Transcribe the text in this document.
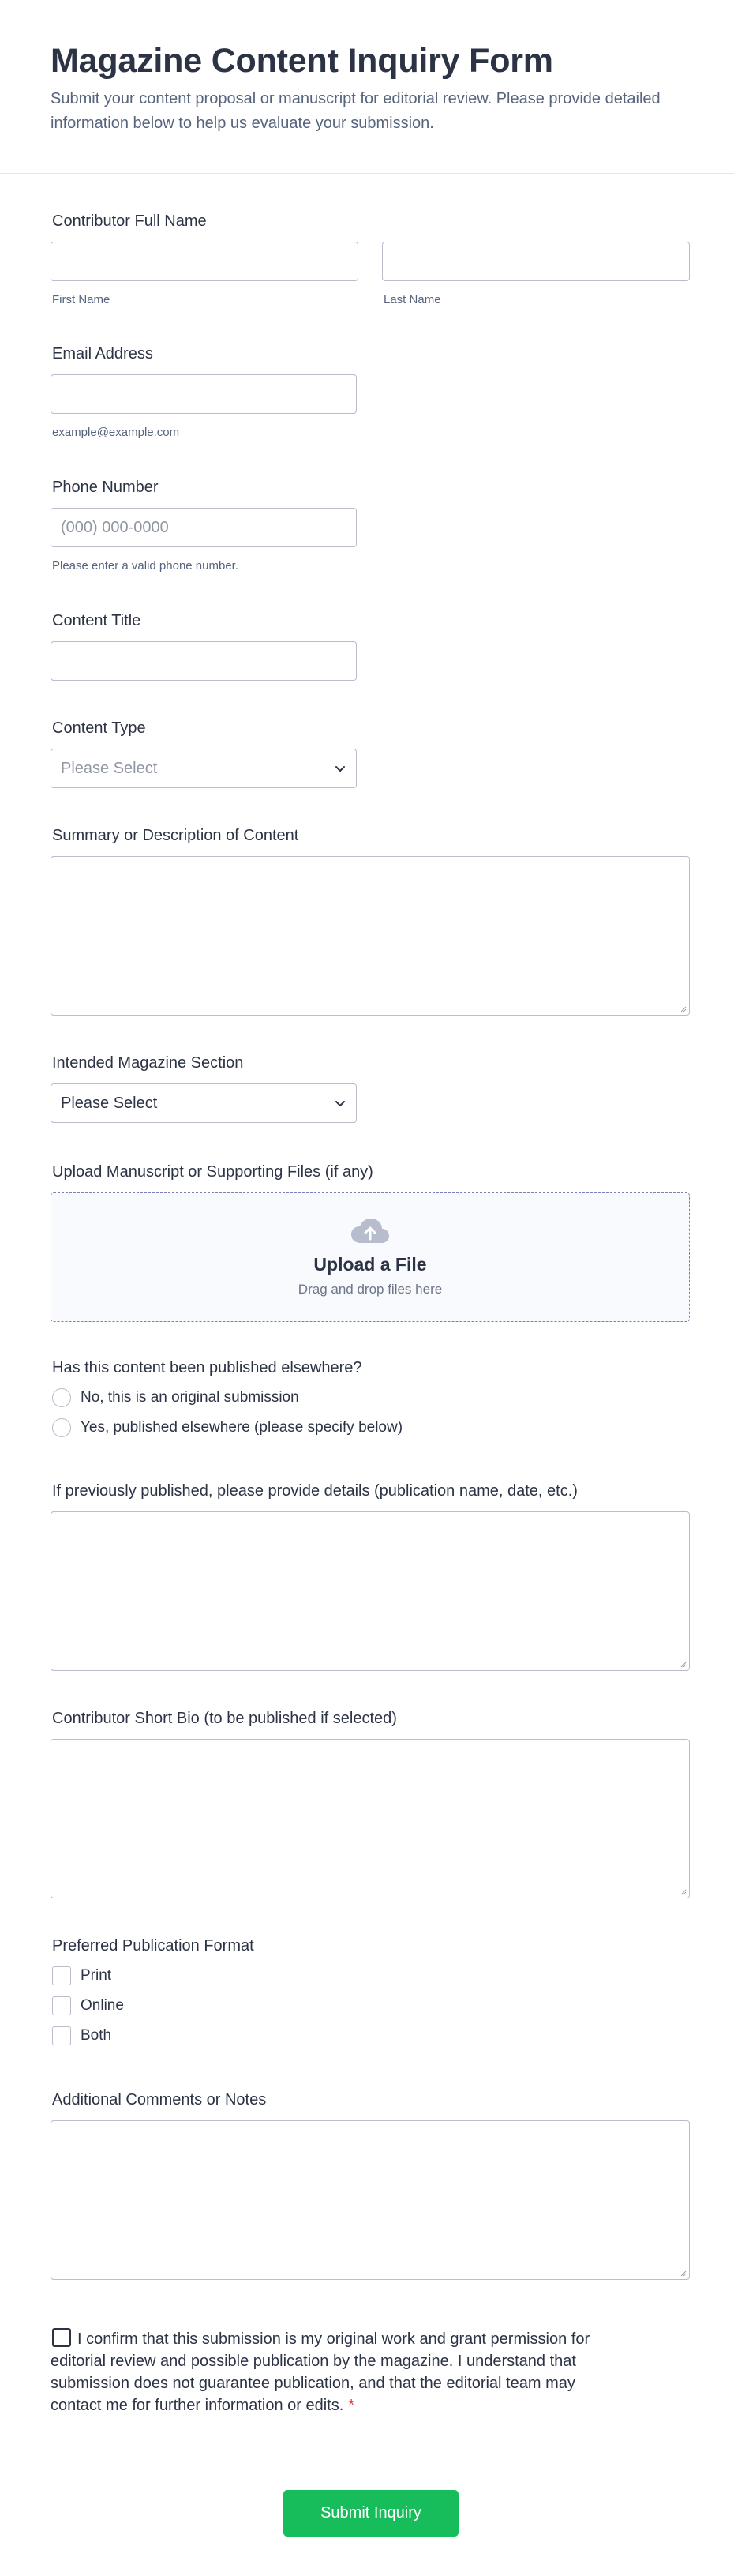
Magazine Content Inquiry Form

Submit your content proposal or manuscript for editorial review. Please provide detailed information below to help us evaluate your submission.

Contributor Full Name
First Name	Last Name
Email Address
example@example.com
Phone Number
(000) 000-0000
Please enter a valid phone number.
Content Title
Content Type
Please Select
Summary or Description of Content
Intended Magazine Section
Please Select
Upload Manuscript or Supporting Files (if any)
Upload a File
Drag and drop files here
Has this content been published elsewhere?
No, this is an original submission
Yes, published elsewhere (please specify below)
If previously published, please provide details (publication name, date, etc.)
Contributor Short Bio (to be published if selected)
Preferred Publication Format
Print
Online
Both
Additional Comments or Notes
I confirm that this submission is my original work and grant permission for editorial review and possible publication by the magazine. I understand that submission does not guarantee publication, and that the editorial team may contact me for further information or edits. *
Submit Inquiry
